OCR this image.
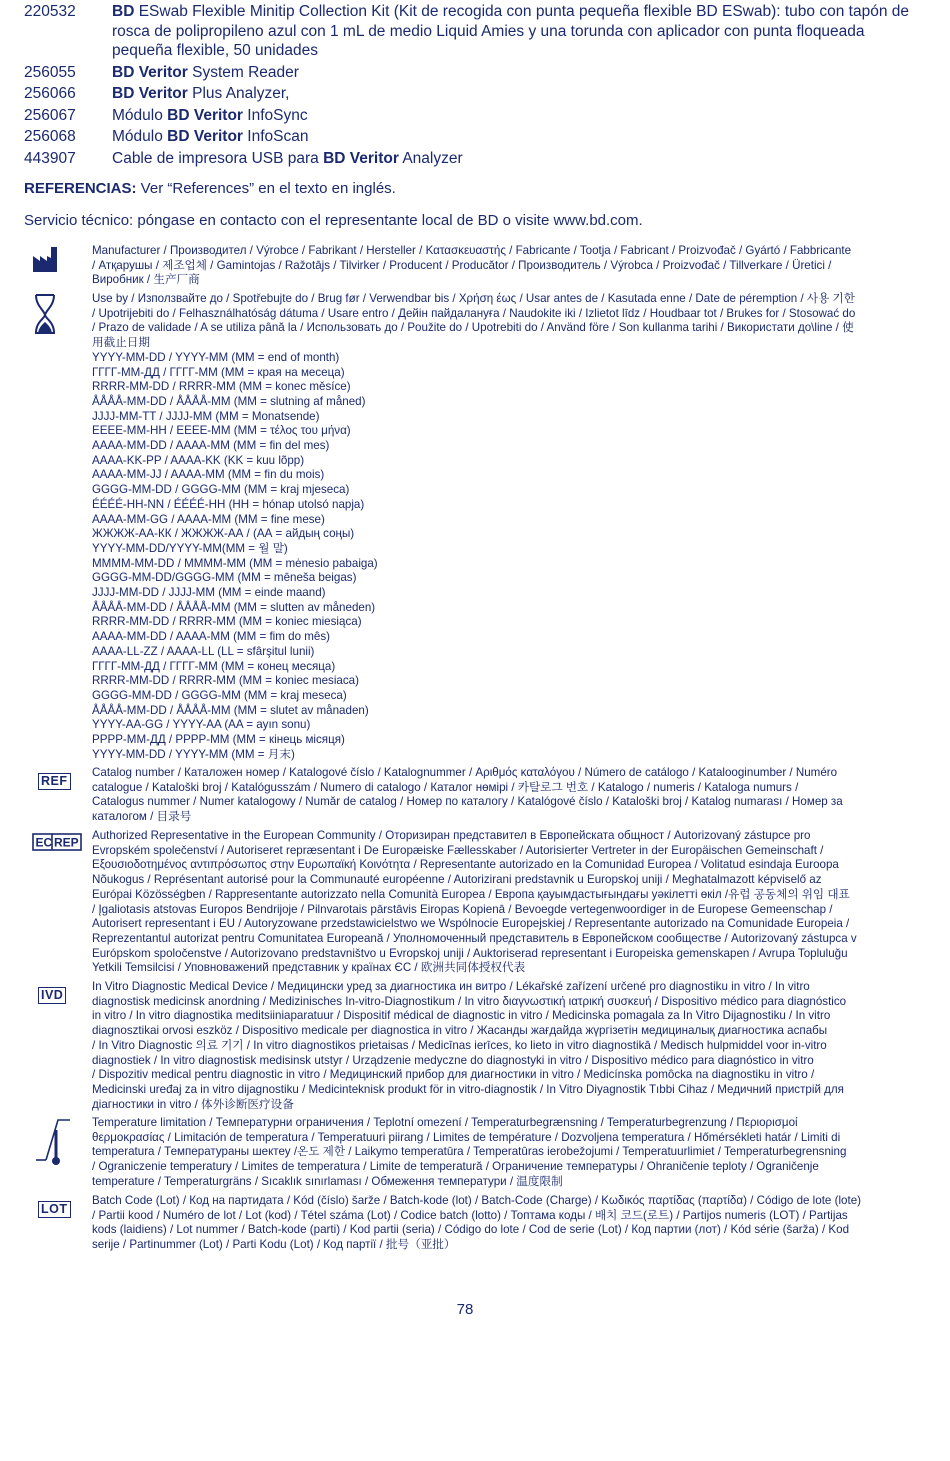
220532	BD ESwab Flexible Minitip Collection Kit (Kit de recogida con punta pequeña flexible BD ESwab): tubo con tapón de rosca de polipropileno azul con 1 mL de medio Liquid Amies y una torunda con aplicador con punta floqueada pequeña flexible, 50 unidades
256055	BD Veritor System Reader
256066	BD Veritor Plus Analyzer,
256067	Módulo BD Veritor InfoSync
256068	Módulo BD Veritor InfoScan
443907	Cable de impresora USB para BD Veritor Analyzer
REFERENCIAS: Ver “References” en el texto en inglés.
Servicio técnico: póngase en contacto con el representante local de BD o visite www.bd.com.
Manufacturer / Производител / Výrobce / Fabrikant / Hersteller / Κατασκευαστής / Fabricante / Tootja / Fabricant / Proizvođač / Gyártó / Fabbricante
/ Атқарушы / 제조업체 / Gamintojas / Ražotājs / Tilvirker / Producent / Producător / Производитель / Výrobca / Proizvođač / Tillverkare / Üretici /
Виробник / 生产厂商
Use by / Използвайте до / Spotřebujte do / Brug før / Verwendbar bis / Χρήση έως / Usar antes de / Kasutada enne / Date de péremption / 사용 기한
/ Upotrijebiti do / Felhasználhatóság dátuma / Usare entro / Дейін пайдалануға / Naudokite iki / Izlietot līdz / Houdbaar tot / Brukes for / Stosować do
/ Prazo de validade / A se utiliza până la / Использовать до / Použite do / Upotrebiti do / Använd före / Son kullanma tarihi / Використати до\line / 使
用截止日期
YYYY-MM-DD / YYYY-MM (MM = end of month)
ГГГГ-ММ-ДД / ГГГГ-ММ (ММ = края на месеца)
RRRR-MM-DD / RRRR-MM (MM = konec měsíce)
ÅÅÅÅ-MM-DD / ÅÅÅÅ-MM (MM = slutning af måned)
JJJJ-MM-TT / JJJJ-MM (MM = Monatsende)
ΕΕΕΕ-ΜΜ-ΗΗ / ΕΕΕΕ-ΜΜ (ΜΜ = τέλος του μήνα)
AAAA-MM-DD / AAAA-MM (MM = fin del mes)
AAAA-KK-PP / AAAA-KK (KK = kuu lõpp)
AAAA-MM-JJ / AAAA-MM (MM = fin du mois)
GGGG-MM-DD / GGGG-MM (MM = kraj mjeseca)
ÉÉÉÉ-HH-NN / ÉÉÉÉ-HH (HH = hónap utolsó napja)
AAAA-MM-GG / AAAA-MM (MM = fine mese)
ЖЖЖЖ-АА-КК / ЖЖЖЖ-АА / (АА = айдың соңы)
YYYY-MM-DD/YYYY-MM(MM = 월 말)
MMMM-MM-DD / MMMM-MM (MM = mėnesio pabaiga)
GGGG-MM-DD/GGGG-MM (MM = mēneša beigas)
JJJJ-MM-DD / JJJJ-MM (MM = einde maand)
ÅÅÅÅ-MM-DD / ÅÅÅÅ-MM (MM = slutten av måneden)
RRRR-MM-DD / RRRR-MM (MM = koniec miesiąca)
AAAA-MM-DD / AAAA-MM (MM = fim do mês)
AAAA-LL-ZZ / AAAA-LL (LL = sfârşitul lunii)
ГГГГ-ММ-ДД / ГГГГ-ММ (ММ = конец месяца)
RRRR-MM-DD / RRRR-MM (MM = koniec mesiaca)
GGGG-MM-DD / GGGG-MM (MM = kraj meseca)
ÅÅÅÅ-MM-DD / ÅÅÅÅ-MM (MM = slutet av månaden)
YYYY-AA-GG / YYYY-AA (AA = ayın sonu)
РРРР-ММ-ДД / РРРР-ММ (ММ = кінець місяця)
YYYY-MM-DD / YYYY-MM (MM = 月末)
REF
Catalog number / Каталожен номер / Katalogové číslo / Katalognummer / Αριθμός καταλόγου / Número de catálogo / Katalooginumber / Numéro
catalogue / Kataloški broj / Katalógusszám / Numero di catalogo / Каталог нөмірі / 카탈로그 번호 / Katalogo / numeris / Kataloga numurs /
Catalogus nummer / Numer katalogowy / Număr de catalog / Номер по каталогу / Katalógové číslo / Kataloški broj / Katalog numarası / Номер за
каталогом / 目录号
EC REP Authorized Representative in the European Community / Оторизиран представител в Европейската общност / Autorizovaný zástupce pro
Evropském společenství / Autoriseret repræsentant i De Europæiske Fællesskaber / Autorisierter Vertreter in der Europäischen Gemeinschaft /
Εξουσιοδοτημένος αντιπρόσωπος στην Ευρωπαϊκή Κοινότητα / Representante autorizado en la Comunidad Europea / Volitatud esindaja Euroopa
Nõukogus / Représentant autorisé pour la Communauté européenne / Autorizirani predstavnik u Europskoj uniji / Meghatalmazott képviselő az
Európai Közösségben / Rappresentante autorizzato nella Comunità Europea / Европа қауымдастығындағы уәкілетті өкіл /유럽 공동체의 위임 대표
/ Įgaliotasis atstovas Europos Bendrijoje / Pilnvarotais pārstāvis Eiropas Kopienā / Bevoegde vertegenwoordiger in de Europese Gemeenschap /
Autorisert representant i EU / Autoryzowane przedstawicielstwo we Wspólnocie Europejskiej / Representante autorizado na Comunidade Europeia /
Reprezentantul autorizat pentru Comunitatea Europeană / Уполномоченный представитель в Европейском сообществе / Autorizovaný zástupca v
Európskom spoločenstve / Autorizovano predstavništvo u Evropskoj uniji / Auktoriserad representant i Europeiska gemenskapen / Avrupa Topluluğu
Yetkili Temsilcisi / Уповноважений представник у країнах ЄС / 欧洲共同体授权代表
IVD
In Vitro Diagnostic Medical Device / Медицински уред за диагностика ин витро / Lékařské zařízení určené pro diagnostiku in vitro / In vitro
diagnostisk medicinsk anordning / Medizinisches In-vitro-Diagnostikum / In vitro διαγνωστική ιατρική συσκευή / Dispositivo médico para diagnóstico
in vitro / In vitro diagnostika meditsiiniaparatuur / Dispositif médical de diagnostic in vitro / Medicinska pomagala za In Vitro Dijagnostiku / In vitro
diagnosztikai orvosi eszköz / Dispositivo medicale per diagnostica in vitro / Жасанды жағдайда жүргізетін медициналық диагностика аспабы
/ In Vitro Diagnostic 의료 기기 / In vitro diagnostikos prietaisas / Medicīnas ierīces, ko lieto in vitro diagnostikā / Medisch hulpmiddel voor in-vitro
diagnostiek / In vitro diagnostisk medisinsk utstyr / Urządzenie medyczne do diagnostyki in vitro / Dispositivo médico para diagnóstico in vitro
/ Dispozitiv medical pentru diagnostic in vitro / Медицинский прибор для диагностики in vitro / Medicínska pomôcka na diagnostiku in vitro /
Medicinski uređaj za in vitro dijagnostiku / Medicinteknisk produkt för in vitro-diagnostik / In Vitro Diyagnostik Tıbbi Cihaz / Медичний пристрій для
діагностики in vitro / 体外诊断医疗设备
Temperature limitation / Температурни ограничения / Teplotní omezení / Temperaturbegrænsning / Temperaturbegrenzung / Περιορισμοί
θερμοκρασίας / Limitación de temperatura / Temperatuuri piirang / Limites de température / Dozvoljena temperatura / Hőmérsékleti határ / Limiti di
temperatura / Температураны шектеу /온도 제한 / Laikymo temperatūra / Temperatūras ierobežojumi / Temperatuurlimiet / Temperaturbegrensning
/ Ograniczenie temperatury / Limites de temperatura / Limite de temperatură / Ограничение температуры / Ohraničenie teploty / Ograničenje
temperature / Temperaturgräns / Sıcaklık sınırlaması / Обмеження температури / 温度限制
LOT
Batch Code (Lot) / Код на партидата / Kód (číslo) šarže / Batch-kode (lot) / Batch-Code (Charge) / Κωδικός παρτίδας (παρτίδα) / Código de lote (lote)
/ Partii kood / Numéro de lot / Lot (kod) / Tétel száma (Lot) / Codice batch (lotto) / Топтама коды / 배치 코드(로트) / Partijos numeris (LOT) / Partijas
kods (laidiens) / Lot nummer / Batch-kode (parti) / Kod partii (seria) / Código do lote / Cod de serie (Lot) / Код партии (лот) / Kód série (šarža) / Kod
serije / Partinummer (Lot) / Parti Kodu (Lot) / Код партії / 批号（亚批）
78
